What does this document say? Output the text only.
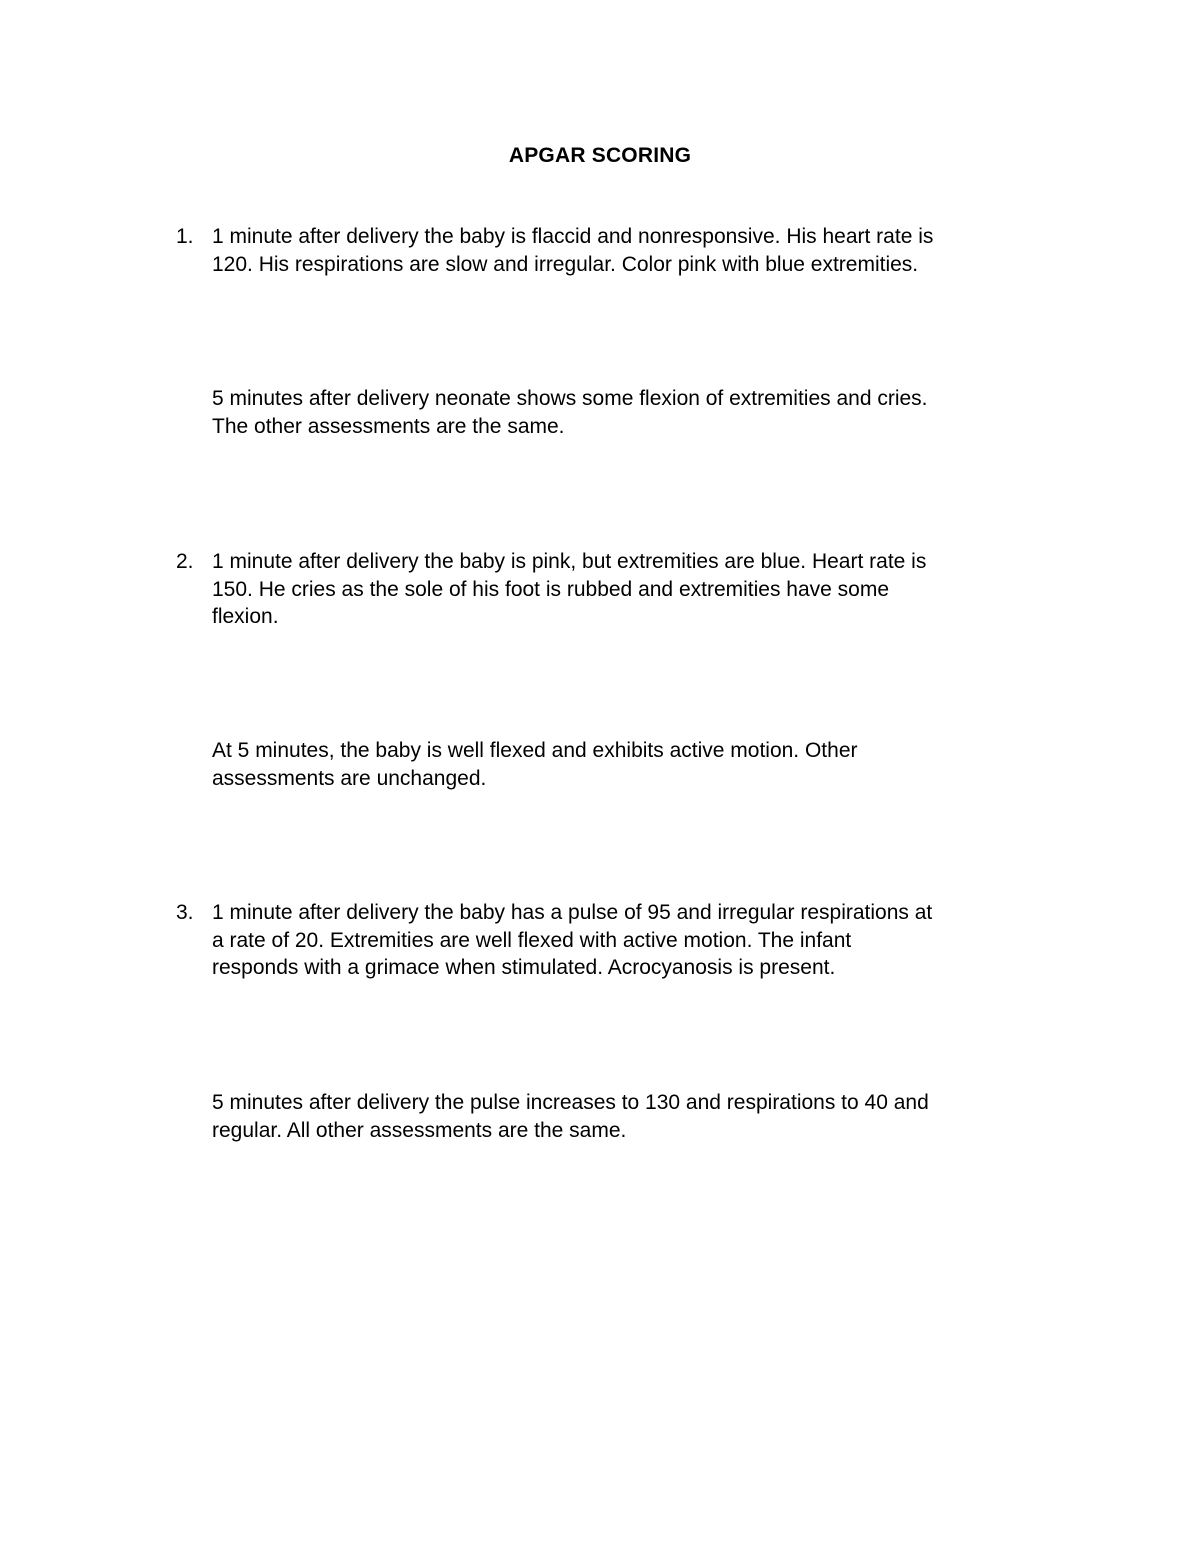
APGAR SCORING
1. 1 minute after delivery the baby is flaccid and nonresponsive. His heart rate is
120. His respirations are slow and irregular. Color pink with blue extremities.
5 minutes after delivery neonate shows some flexion of extremities and cries.
The other assessments are the same.
2. 1 minute after delivery the baby is pink, but extremities are blue. Heart rate is
150. He cries as the sole of his foot is rubbed and extremities have some
flexion.
At 5 minutes, the baby is well flexed and exhibits active motion. Other
assessments are unchanged.
3. 1 minute after delivery the baby has a pulse of 95 and irregular respirations at
a rate of 20. Extremities are well flexed with active motion. The infant
responds with a grimace when stimulated. Acrocyanosis is present.
5 minutes after delivery the pulse increases to 130 and respirations to 40 and
regular. All other assessments are the same.
